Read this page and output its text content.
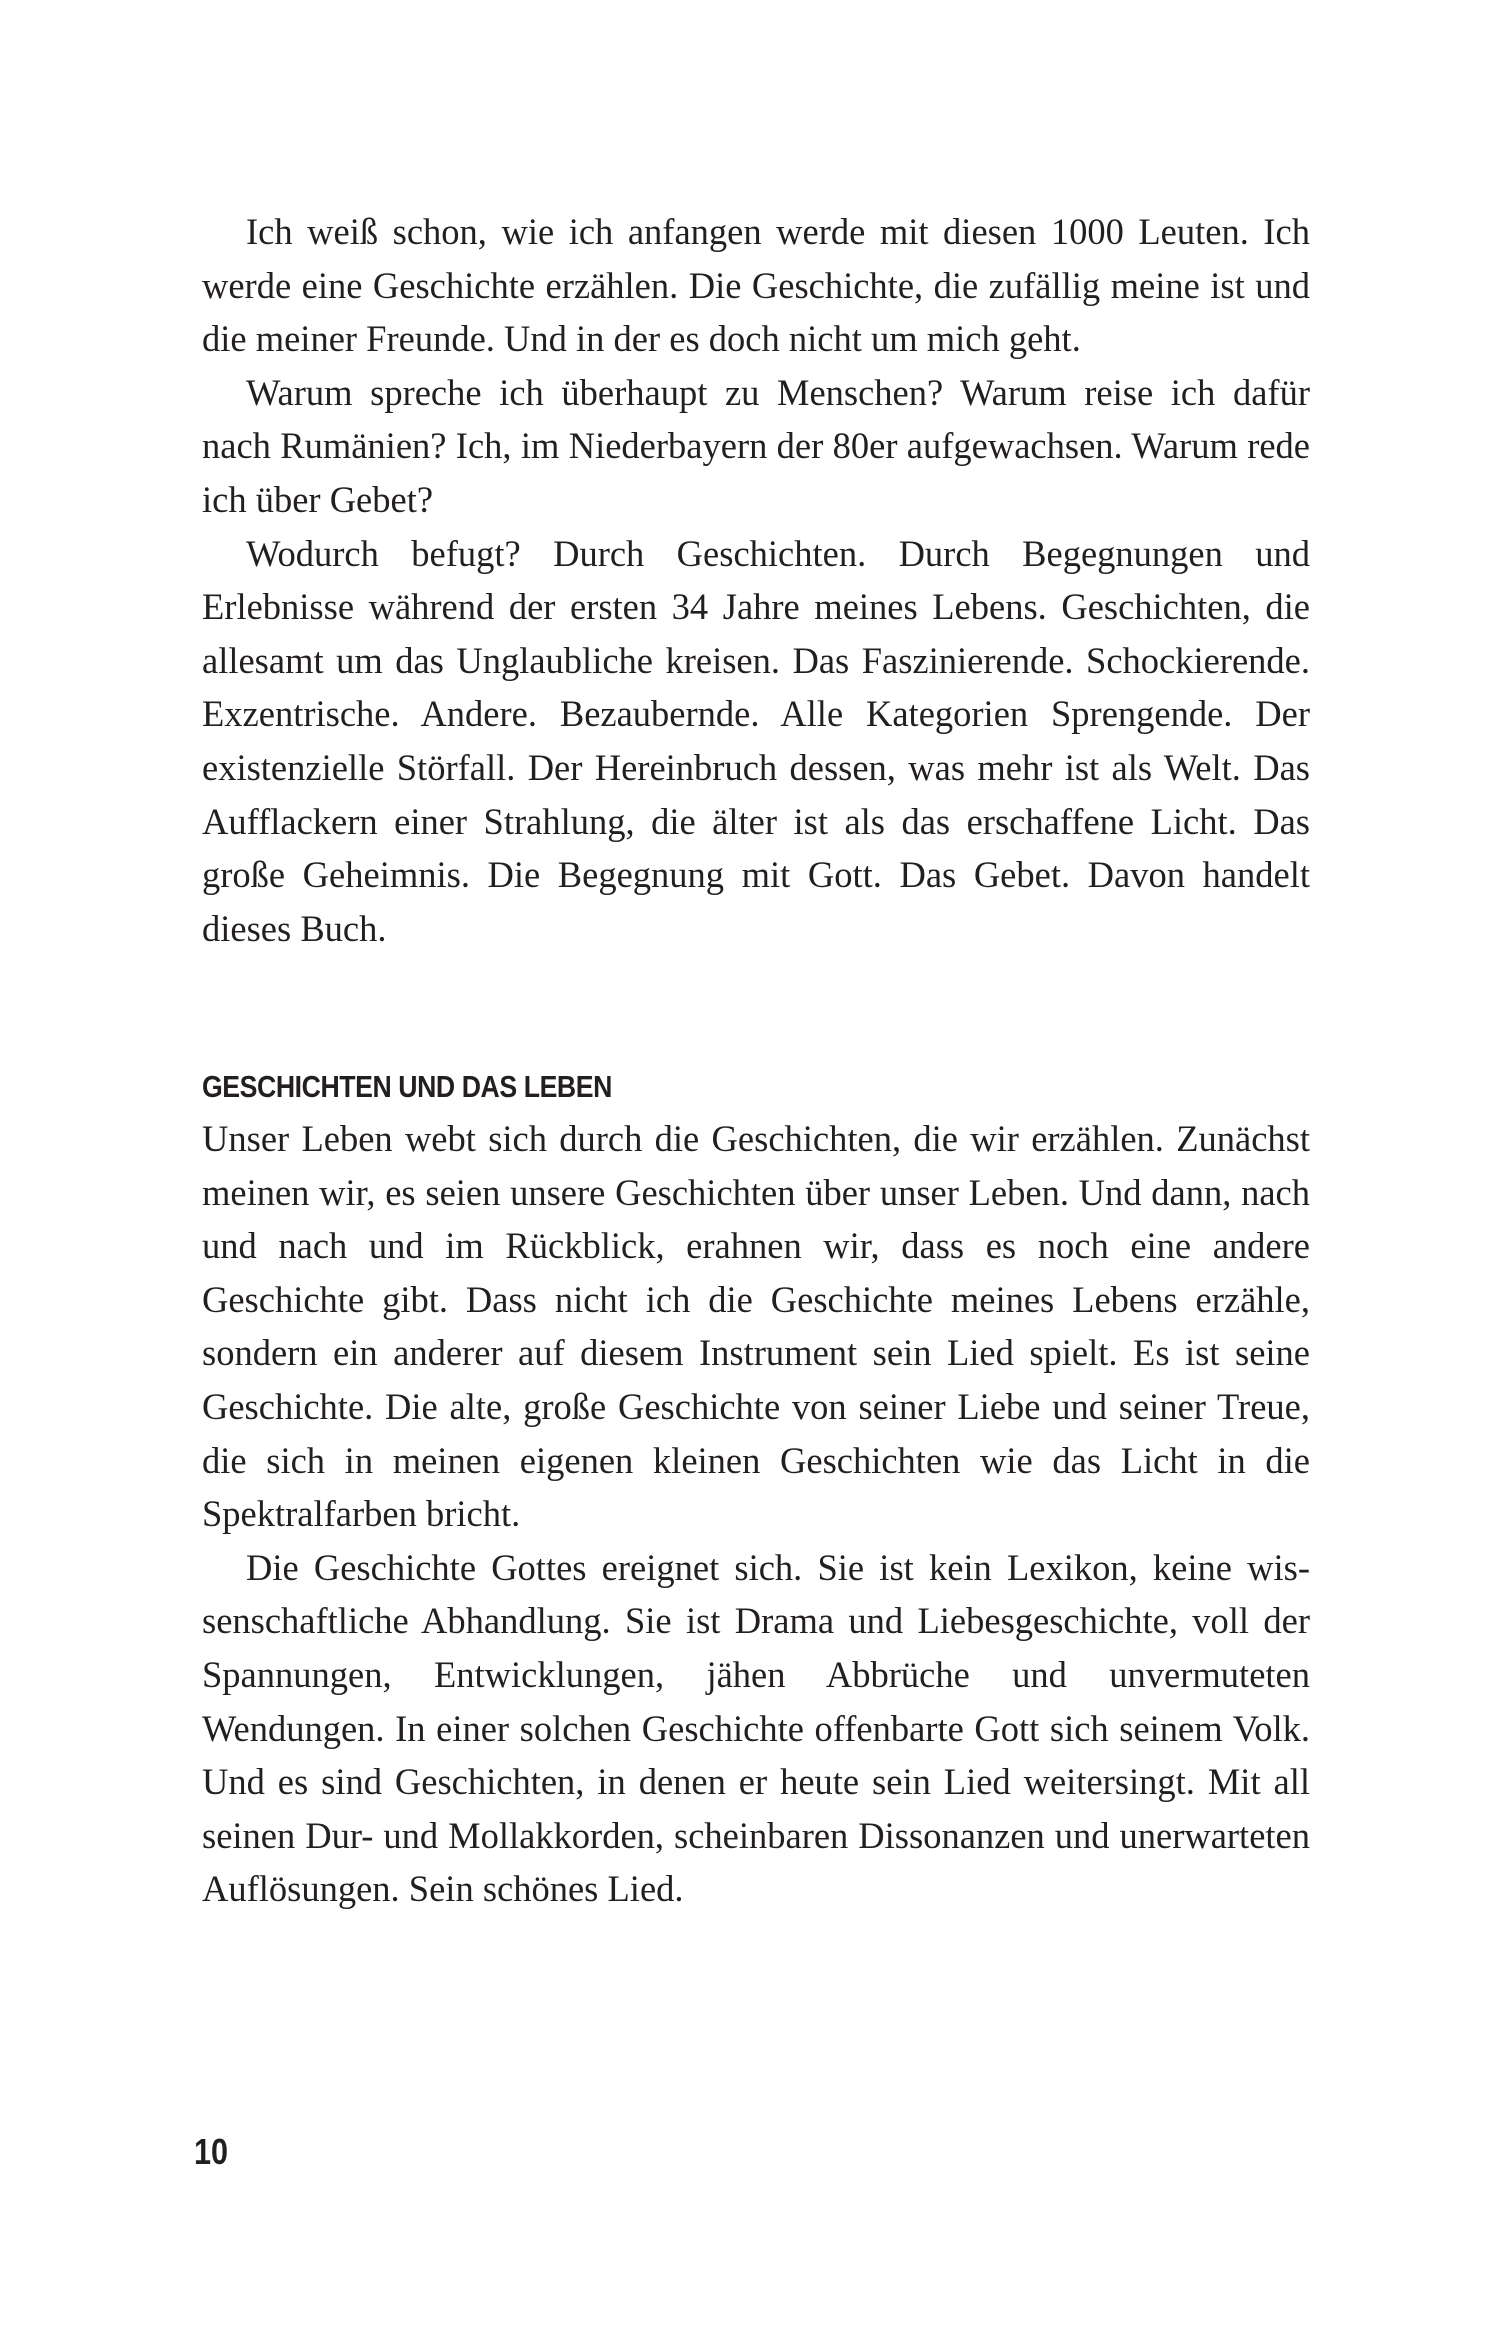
Ich weiß schon, wie ich anfangen werde mit diesen 1000 Leuten. Ich werde eine Geschichte erzählen. Die Geschichte, die zufällig meine ist und die meiner Freunde. Und in der es doch nicht um mich geht.

Warum spreche ich überhaupt zu Menschen? Warum reise ich dafür nach Rumänien? Ich, im Niederbayern der 80er aufgewachsen. Warum rede ich über Gebet?

Wodurch befugt? Durch Geschichten. Durch Begegnungen und Erlebnisse während der ersten 34 Jahre meines Lebens. Geschichten, die allesamt um das Unglaubliche kreisen. Das Faszinierende. Schockierende. Exzentrische. Andere. Bezaubernde. Alle Kategorien Sprengende. Der existenzielle Störfall. Der Hereinbruch dessen, was mehr ist als Welt. Das Aufflackern einer Strahlung, die älter ist als das erschaffene Licht. Das große Geheimnis. Die Begegnung mit Gott. Das Gebet. Davon handelt dieses Buch.

GESCHICHTEN UND DAS LEBEN

Unser Leben webt sich durch die Geschichten, die wir erzählen. Zunächst meinen wir, es seien unsere Geschichten über unser Leben. Und dann, nach und nach und im Rückblick, erahnen wir, dass es noch eine andere Geschichte gibt. Dass nicht ich die Geschichte meines Lebens erzähle, sondern ein anderer auf diesem Instrument sein Lied spielt. Es ist seine Geschichte. Die alte, große Geschichte von seiner Liebe und seiner Treue, die sich in meinen eigenen kleinen Geschichten wie das Licht in die Spektralfarben bricht.

Die Geschichte Gottes ereignet sich. Sie ist kein Lexikon, keine wissenschaftliche Abhandlung. Sie ist Drama und Liebesgeschichte, voll der Spannungen, Entwicklungen, jähen Abbrüche und unvermuteten Wendungen. In einer solchen Geschichte offenbarte Gott sich seinem Volk. Und es sind Geschichten, in denen er heute sein Lied weitersingt. Mit all seinen Dur- und Mollakkorden, scheinbaren Dissonanzen und unerwarteten Auflösungen. Sein schönes Lied.

10
